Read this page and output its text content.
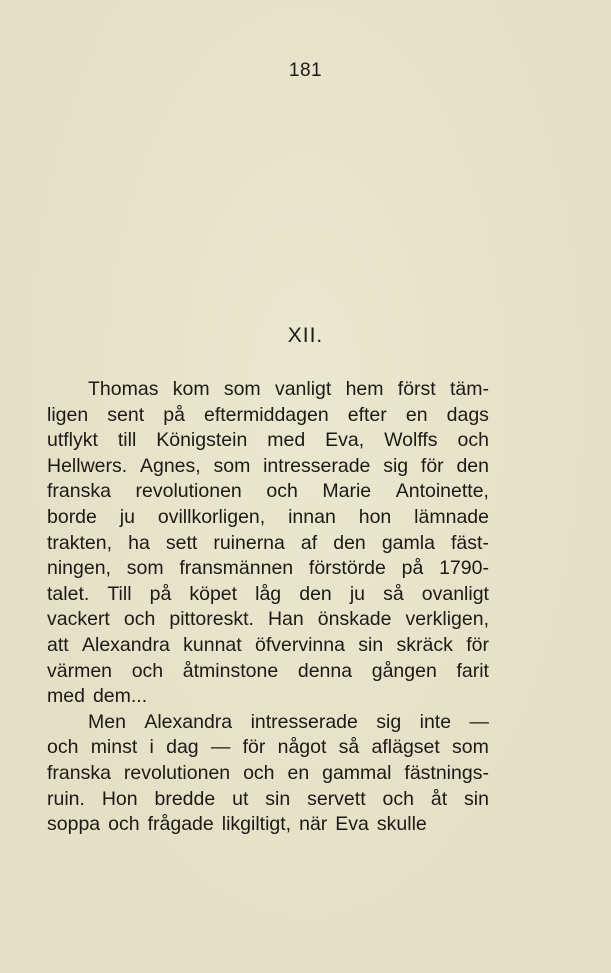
181
XII.
Thomas kom som vanligt hem först täm-
ligen sent på eftermiddagen efter en dags
utflykt till Königstein med Eva, Wolffs och
Hellwers. Agnes, som intresserade sig för den
franska revolutionen och Marie Antoinette,
borde ju ovillkorligen, innan hon lämnade
trakten, ha sett ruinerna af den gamla fäst-
ningen, som fransmännen förstörde på 1790-
talet. Till på köpet låg den ju så ovanligt
vackert och pittoreskt. Han önskade verkligen,
att Alexandra kunnat öfvervinna sin skräck för
värmen och åtminstone denna gången farit
med dem...
Men Alexandra intresserade sig inte —
och minst i dag — för något så aflägset som
franska revolutionen och en gammal fästnings-
ruin. Hon bredde ut sin servett och åt sin
soppa och frågade likgiltigt, när Eva skulle
